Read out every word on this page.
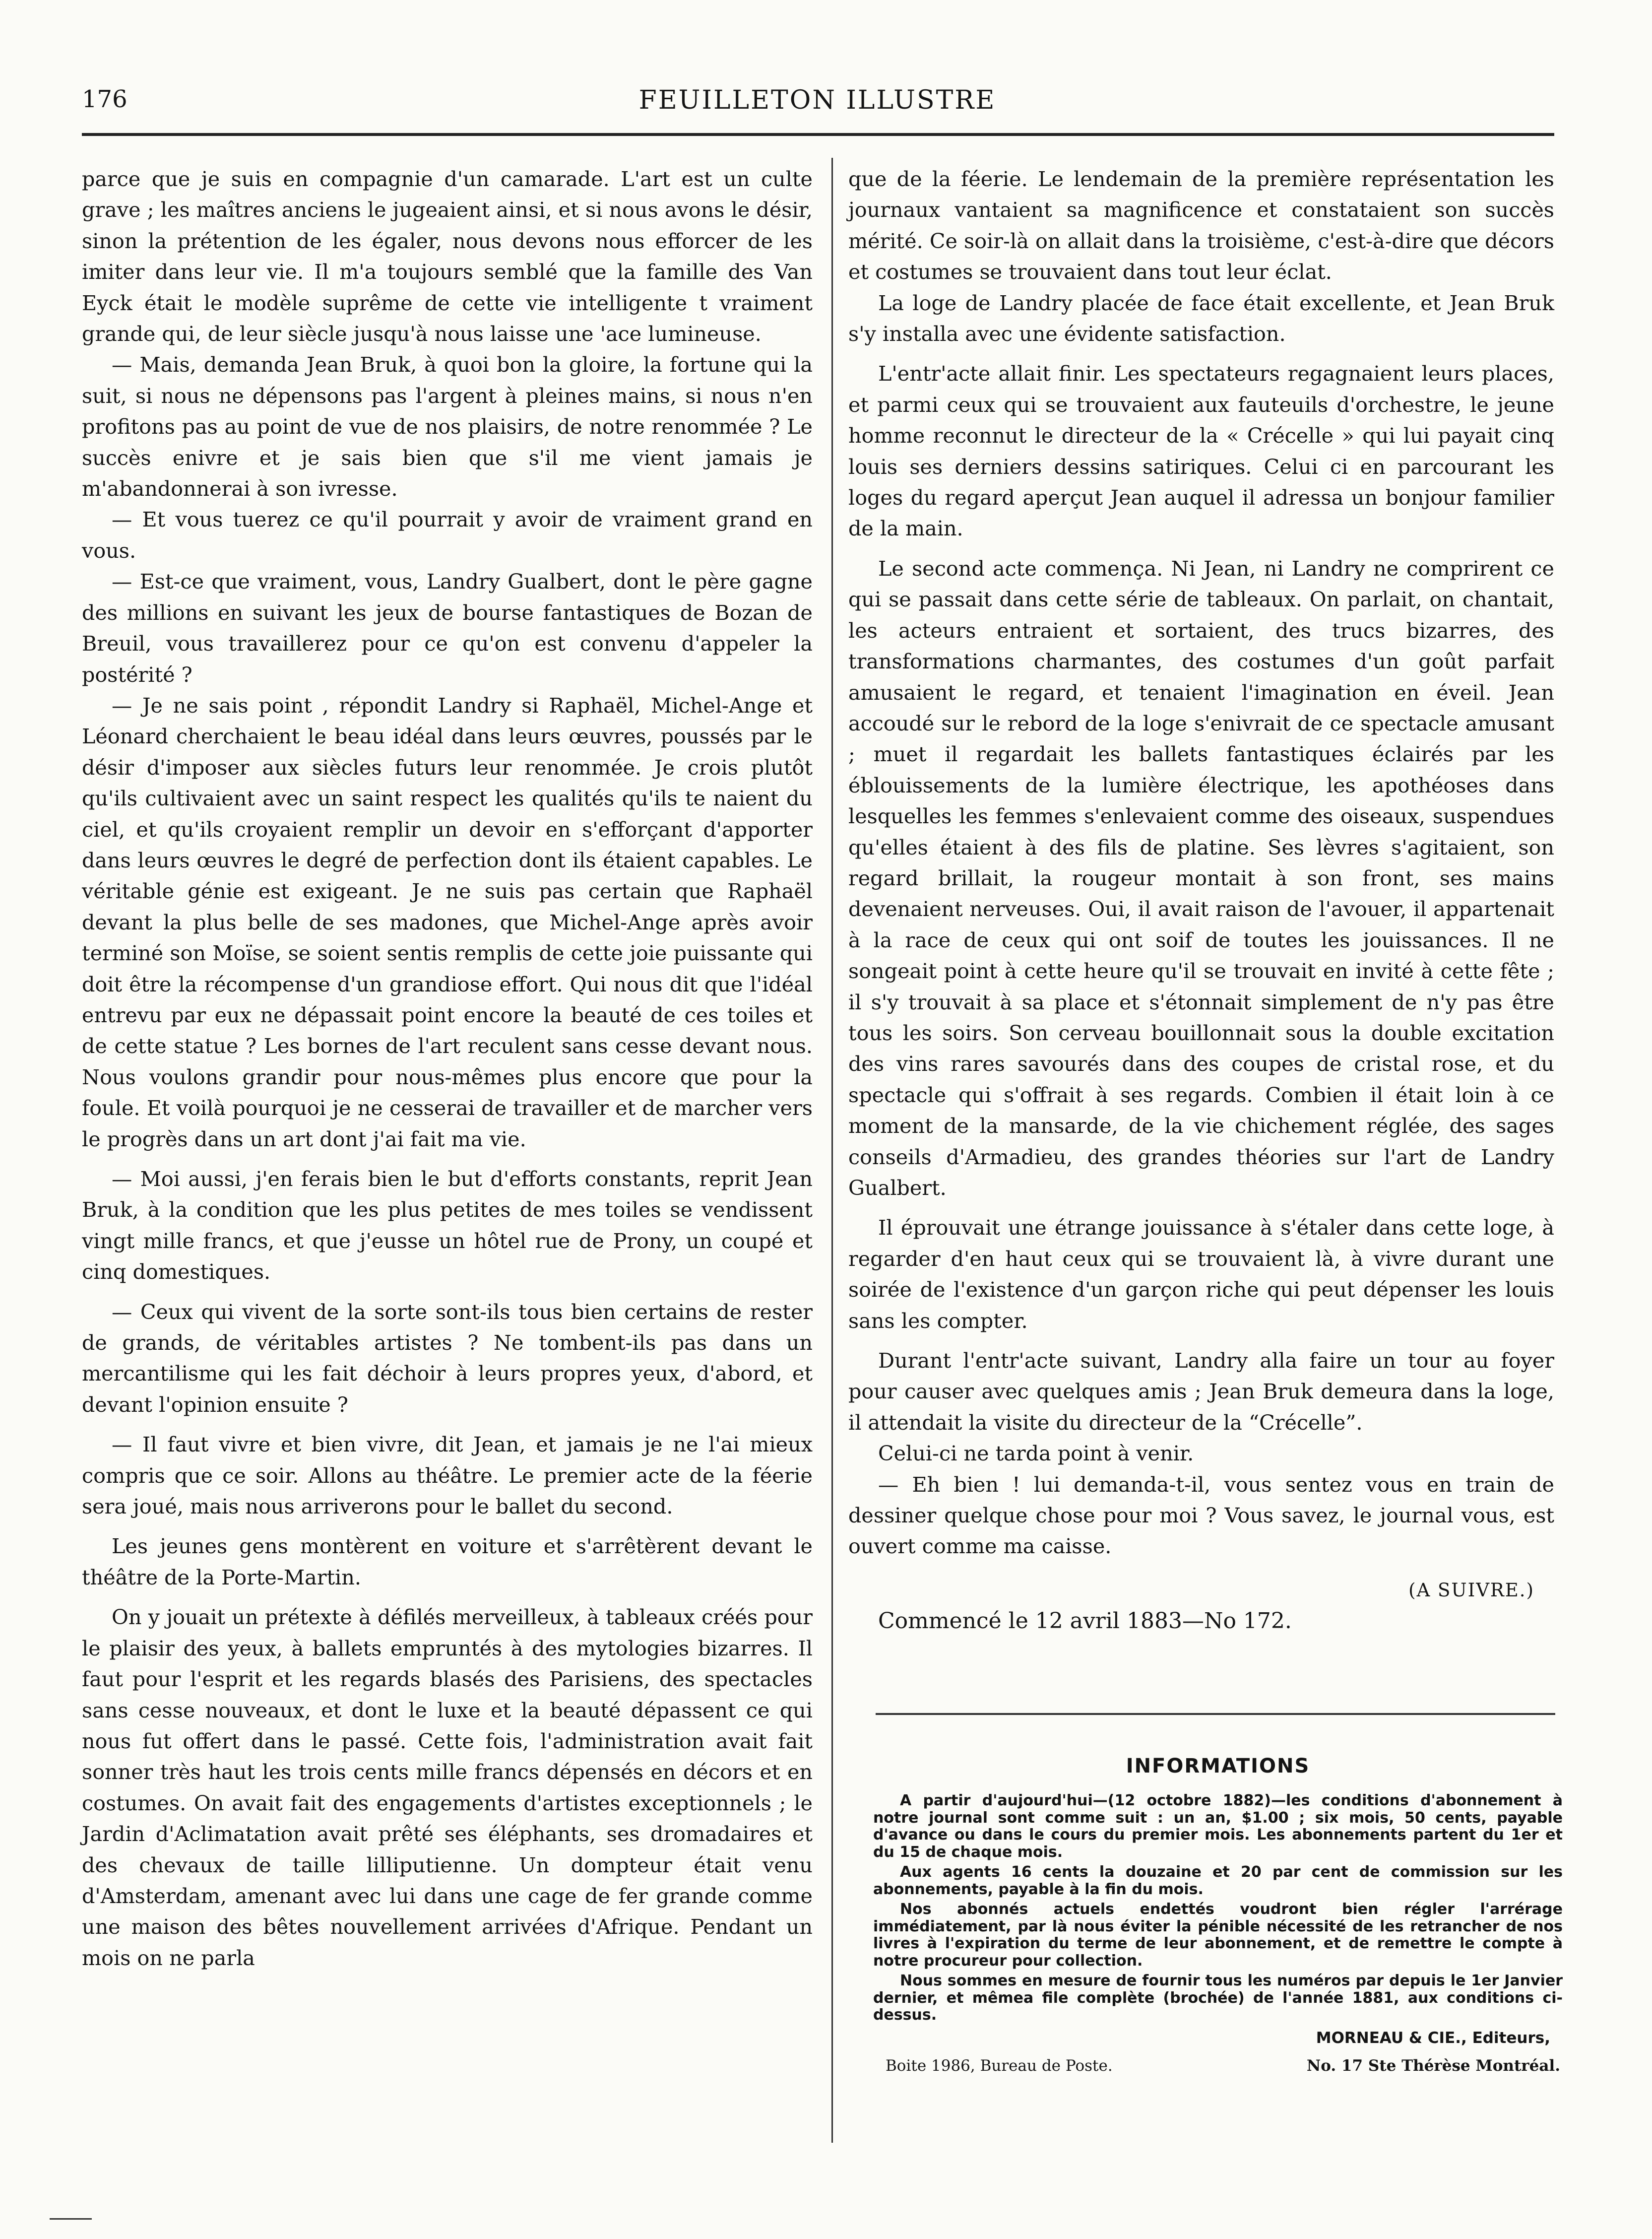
176	FEUILLETON ILLUSTRE

parce que je suis en compagnie d'un camarade. L'art est un culte grave ; les maîtres anciens le jugeaient ainsi, et si nous avons le désir, sinon la prétention de les égaler, nous devons nous efforcer de les imiter dans leur vie. Il m'a toujours semblé que la famille des Van Eyck était le modèle suprême de cette vie intelligente t vraiment grande qui, de leur siècle jusqu'à nous laisse une 'ace lumineuse.

— Mais, demanda Jean Bruk, à quoi bon la gloire, la fortune qui la suit, si nous ne dépensons pas l'argent à pleines mains, si nous n'en profitons pas au point de vue de nos plaisirs, de notre renommée ? Le succès enivre et je sais bien que s'il me vient jamais je m'abandonnerai à son ivresse.

— Et vous tuerez ce qu'il pourrait y avoir de vraiment grand en vous.

— Est-ce que vraiment, vous, Landry Gualbert, dont le père gagne des millions en suivant les jeux de bourse fantastiques de Bozan de Breuil, vous travaillerez pour ce qu'on est convenu d'appeler la postérité ?

— Je ne sais point , répondit Landry si Raphaël, Michel-Ange et Léonard cherchaient le beau idéal dans leurs œuvres, poussés par le désir d'imposer aux siècles futurs leur renommée. Je crois plutôt qu'ils cultivaient avec un saint respect les qualités qu'ils te naient du ciel, et qu'ils croyaient remplir un devoir en s'efforçant d'apporter dans leurs œuvres le degré de perfection dont ils étaient capables. Le véritable génie est exigeant. Je ne suis pas certain que Raphaël devant la plus belle de ses madones, que Michel-Ange après avoir terminé son Moïse, se soient sentis remplis de cette joie puissante qui doit être la récompense d'un grandiose effort. Qui nous dit que l'idéal entrevu par eux ne dépassait point encore la beauté de ces toiles et de cette statue ? Les bornes de l'art reculent sans cesse devant nous. Nous voulons grandir pour nous-mêmes plus encore que pour la foule. Et voilà pourquoi je ne cesserai de travailler et de marcher vers le progrès dans un art dont j'ai fait ma vie.

— Moi aussi, j'en ferais bien le but d'efforts constants, reprit Jean Bruk, à la condition que les plus petites de mes toiles se vendissent vingt mille francs, et que j'eusse un hôtel rue de Prony, un coupé et cinq domestiques.

— Ceux qui vivent de la sorte sont-ils tous bien certains de rester de grands, de véritables artistes ? Ne tombent-ils pas dans un mercantilisme qui les fait déchoir à leurs propres yeux, d'abord, et devant l'opinion ensuite ?

— Il faut vivre et bien vivre, dit Jean, et jamais je ne l'ai mieux compris que ce soir. Allons au théâtre. Le premier acte de la féerie sera joué, mais nous arriverons pour le ballet du second.

Les jeunes gens montèrent en voiture et s'arrêtèrent devant le théâtre de la Porte-Martin.

On y jouait un prétexte à défilés merveilleux, à tableaux créés pour le plaisir des yeux, à ballets empruntés à des mytologies bizarres. Il faut pour l'esprit et les regards blasés des Parisiens, des spectacles sans cesse nouveaux, et dont le luxe et la beauté dépassent ce qui nous fut offert dans le passé. Cette fois, l'administration avait fait sonner très haut les trois cents mille francs dépensés en décors et en costumes. On avait fait des engagements d'artistes exceptionnels ; le Jardin d'Aclimatation avait prêté ses éléphants, ses dromadaires et des chevaux de taille lilliputienne. Un dompteur était venu d'Amsterdam, amenant avec lui dans une cage de fer grande comme une maison des bêtes nouvellement arrivées d'Afrique. Pendant un mois on ne parla

que de la féerie. Le lendemain de la première représentation les journaux vantaient sa magnificence et constataient son succès mérité. Ce soir-là on allait dans la troisième, c'est-à-dire que décors et costumes se trouvaient dans tout leur éclat.

La loge de Landry placée de face était excellente, et Jean Bruk s'y installa avec une évidente satisfaction.

L'entr'acte allait finir. Les spectateurs regagnaient leurs places, et parmi ceux qui se trouvaient aux fauteuils d'orchestre, le jeune homme reconnut le directeur de la « Crécelle » qui lui payait cinq louis ses derniers dessins satiriques. Celui ci en parcourant les loges du regard aperçut Jean auquel il adressa un bonjour familier de la main.

Le second acte commença. Ni Jean, ni Landry ne comprirent ce qui se passait dans cette série de tableaux. On parlait, on chantait, les acteurs entraient et sortaient, des trucs bizarres, des transformations charmantes, des costumes d'un goût parfait amusaient le regard, et tenaient l'imagination en éveil. Jean accoudé sur le rebord de la loge s'enivrait de ce spectacle amusant ; muet il regardait les ballets fantastiques éclairés par les éblouissements de la lumière électrique, les apothéoses dans lesquelles les femmes s'enlevaient comme des oiseaux, suspendues qu'elles étaient à des fils de platine. Ses lèvres s'agitaient, son regard brillait, la rougeur montait à son front, ses mains devenaient nerveuses. Oui, il avait raison de l'avouer, il appartenait à la race de ceux qui ont soif de toutes les jouissances. Il ne songeait point à cette heure qu'il se trouvait en invité à cette fête ; il s'y trouvait à sa place et s'étonnait simplement de n'y pas être tous les soirs. Son cerveau bouillonnait sous la double excitation des vins rares savourés dans des coupes de cristal rose, et du spectacle qui s'offrait à ses regards. Combien il était loin à ce moment de la mansarde, de la vie chichement réglée, des sages conseils d'Armadieu, des grandes théories sur l'art de Landry Gualbert.

Il éprouvait une étrange jouissance à s'étaler dans cette loge, à regarder d'en haut ceux qui se trouvaient là, à vivre durant une soirée de l'existence d'un garçon riche qui peut dépenser les louis sans les compter.

Durant l'entr'acte suivant, Landry alla faire un tour au foyer pour causer avec quelques amis ; Jean Bruk demeura dans la loge, il attendait la visite du directeur de la “Crécelle”.

Celui-ci ne tarda point à venir.

— Eh bien ! lui demanda-t-il, vous sentez vous en train de dessiner quelque chose pour moi ? Vous savez, le journal vous, est ouvert comme ma caisse.

(A SUIVRE.)

Commencé le 12 avril 1883—No 172.

INFORMATIONS

A partir d'aujourd'hui—(12 octobre 1882)—les conditions d'abonnement à notre journal sont comme suit : un an, $1.00 ; six mois, 50 cents, payable d'avance ou dans le cours du premier mois. Les abonnements partent du 1er et du 15 de chaque mois.

Aux agents 16 cents la douzaine et 20 par cent de commission sur les abonnements, payable à la fin du mois.

Nos abonnés actuels endettés voudront bien régler l'arrérage immédiatement, par là nous éviter la pénible nécessité de les retrancher de nos livres à l'expiration du terme de leur abonnement, et de remettre le compte à notre procureur pour collection.

Nous sommes en mesure de fournir tous les numéros par depuis le 1er Janvier dernier, et mêmea file complète (brochée) de l'année 1881, aux conditions ci-dessus.

MORNEAU & CIE., Editeurs,
Boite 1986, Bureau de Poste.	No. 17 Ste Thérèse Montréal.
